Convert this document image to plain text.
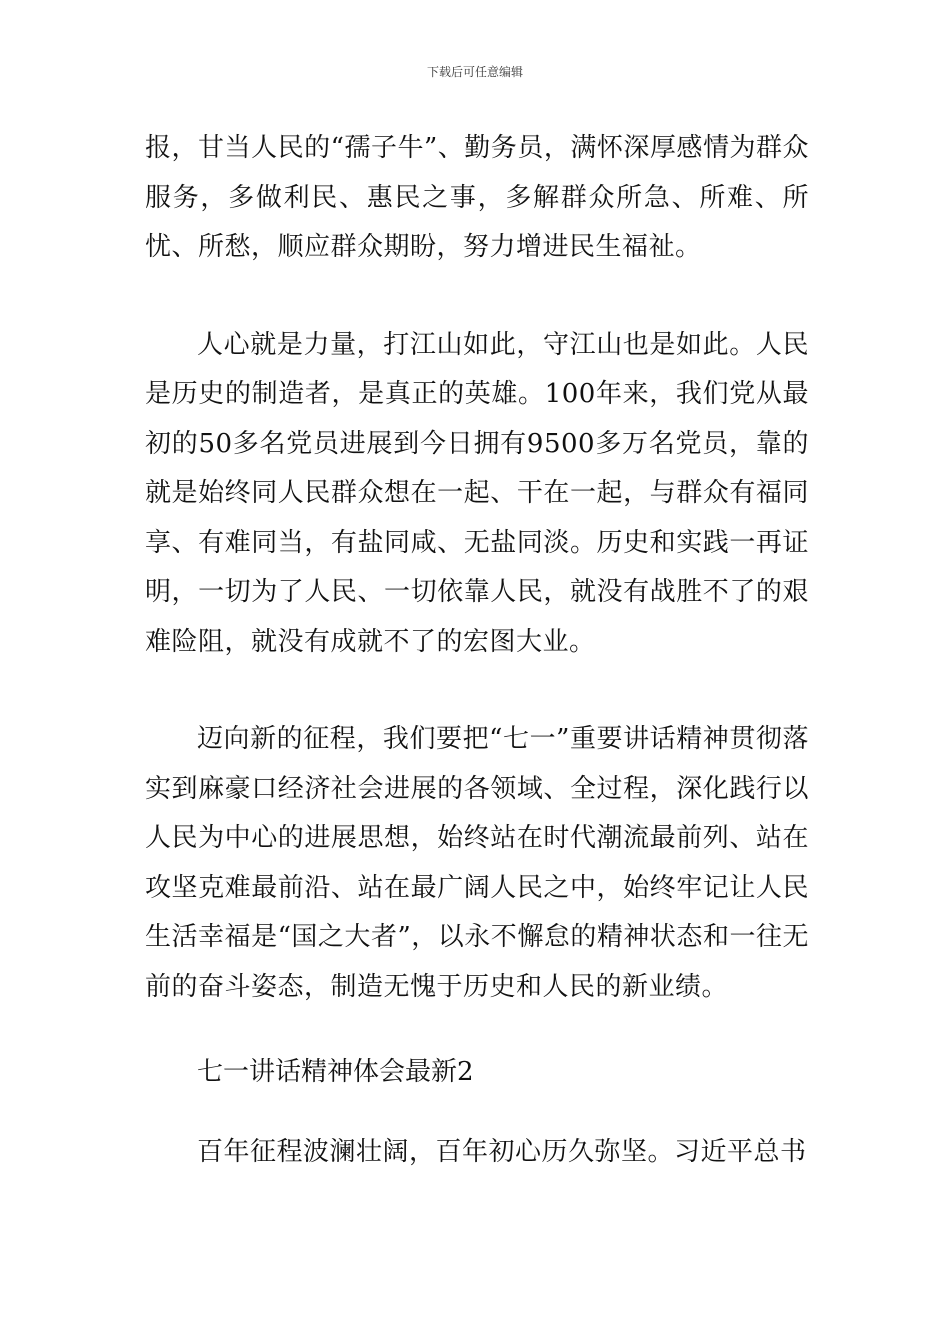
下载后可任意编辑

报，甘当人民的“孺子牛”、勤务员，满怀深厚感情为群众服务，多做利民、惠民之事，多解群众所急、所难、所忧、所愁，顺应群众期盼，努力增进民生福祉。

人心就是力量，打江山如此，守江山也是如此。人民是历史的制造者，是真正的英雄。100年来，我们党从最初的50多名党员进展到今日拥有9500多万名党员，靠的就是始终同人民群众想在一起、干在一起，与群众有福同享、有难同当，有盐同咸、无盐同淡。历史和实践一再证明，一切为了人民、一切依靠人民，就没有战胜不了的艰难险阻，就没有成就不了的宏图大业。

迈向新的征程，我们要把“七一”重要讲话精神贯彻落实到麻豪口经济社会进展的各领域、全过程，深化践行以人民为中心的进展思想，始终站在时代潮流最前列、站在攻坚克难最前沿、站在最广阔人民之中，始终牢记让人民生活幸福是“国之大者”，以永不懈怠的精神状态和一往无前的奋斗姿态，制造无愧于历史和人民的新业绩。

七一讲话精神体会最新2

百年征程波澜壮阔，百年初心历久弥坚。习近平总书
